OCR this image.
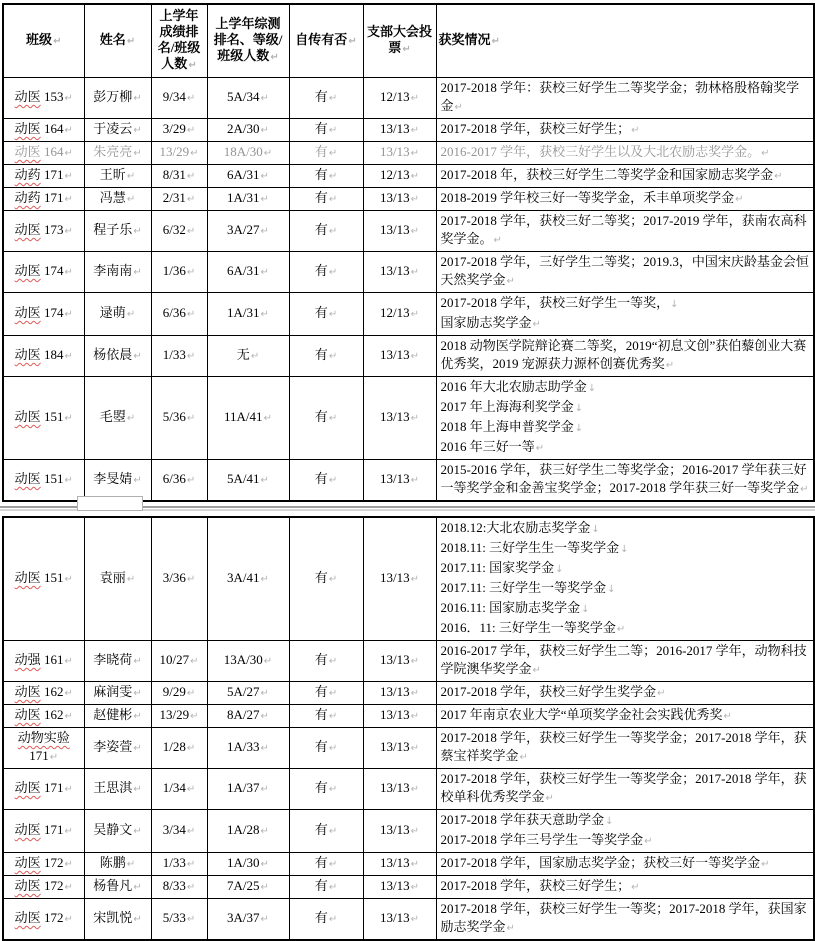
班级↵	姓名↵	上学年成绩排名/班级人数↵	上学年综测排名、等级/班级人数↵	自传有否↵	支部大会投票↵	获奖情况↵
动医 153↵	彭万柳↵	9/34↵	5A/34↵	有↵	12/13↵	2017-2018 学年：获校三好学生二等奖学金；勃林格殷格翰奖学金↵

动医 164↵	于凌云↵	3/29↵	2A/30↵	有↵	13/13↵	2017-2018 学年，获校三好学生；↵

动医 164↵	朱亮亮↵	13/29↵	18A/30↵	有↵	13/13↵	2016-2017 学年，获校三好学生以及大北农励志奖学金。↵

动药 171↵	王昕↵	8/31↵	6A/31↵	有↵	12/13↵	2017-2018 年，获校三好学生二等奖学金和国家励志奖学金↵

动药 171↵	冯慧↵	2/31↵	1A/31↵	有↵	13/13↵	2018-2019 学年校三好一等奖学金，禾丰单项奖学金↵

动医 173↵	程子乐↵	6/32↵	3A/27↵	有↵	13/13↵	2017-2018 学年，获校三好二等奖；2017-2019 学年，获南农高科奖学金。↵

动医 174↵	李南南↵	1/36↵	6A/31↵	有↵	13/13↵	2017-2018 学年，三好学生二等奖；2019.3，中国宋庆龄基金会恒天然奖学金↵

动医 174↵	逯萌↵	6/36↵	1A/31↵	有↵	12/13↵	2017-2018 学年，获校三好学生一等奖，↓
国家励志奖学金↵

动医 184↵	杨依晨↵	1/33↵	无↵	有↵	13/13↵	2018 动物医学院辩论赛二等奖，2019“初息文创”获伯藜创业大赛优秀奖，2019 宠源获力源杯创赛优秀奖↵

动医 151↵	毛曌↵	5/36↵	11A/41↵	有↵	13/13↵	2016 年大北农励志助学金↓
2017 年上海海利奖学金↓
2018 年上海申普奖学金↓
2016 年三好一等↵

动医 151↵	李旻婧↵	6/36↵	5A/41↵	有↵	13/13↵	2015-2016 学年，获三好学生二等奖学金；2016-2017 学年获三好一等奖学金和金善宝奖学金；2017-2018 学年获三好一等奖学金↵
动医 151↵	袁丽↵	3/36↵	3A/41↵	有↵	13/13↵	
2018.12:大北农励志奖学金↓
2018.11: 三好学生生一等奖学金↓
2017.11: 国家奖学金↓
2017.11: 三好学生一等奖学金↓
2016.11: 国家励志奖学金↓
2016．11: 三好学生一等奖学金↵

动强 161↵	李晓荷↵	10/27↵	13A/30↵	有↵	13/13↵	2016-2017 学年，获校三好学生二等；2016-2017 学年，动物科技学院澳华奖学金↵

动医 162↵	麻润雯↵	9/29↵	5A/27↵	有↵	13/13↵	2017-2018 学年，获校三好学生奖学金↵

动医 162↵	赵健彬↵	13/29↵	8A/27↵	有↵	13/13↵	2017 年南京农业大学“单项奖学金社会实践优秀奖↵

动物实验 171↵	李姿萱↵	1/28↵	1A/33↵	有↵	13/13↵	2017-2018 学年，获校三好学生一等奖学金；2017-2018 学年，获蔡宝祥奖学金↵

动医 171↵	王思淇↵	1/34↵	1A/37↵	有↵	13/13↵	2017-2018 学年，获校三好学生一等奖学金；2017-2018 学年，获校单科优秀奖学金↵

动医 171↵	吴静文↵	3/34↵	1A/28↵	有↵	13/13↵	2017-2018 学年获天意助学金↓
2017-2018 学年三号学生一等奖学金↵

动医 172↵	陈鹏↵	1/33↵	1A/30↵	有↵	13/13↵	2017-2018 学年，国家励志奖学金；获校三好一等奖学金↵

动医 172↵	杨鲁凡↵	8/33↵	7A/25↵	有↵	13/13↵	2017-2018 学年，获校三好学生；↵

动医 172↵	宋凯悦↵	5/33↵	3A/37↵	有↵	13/13↵	2017-2018 学年，获校三好学生一等奖；2017-2018 学年，获国家励志奖学金↵
